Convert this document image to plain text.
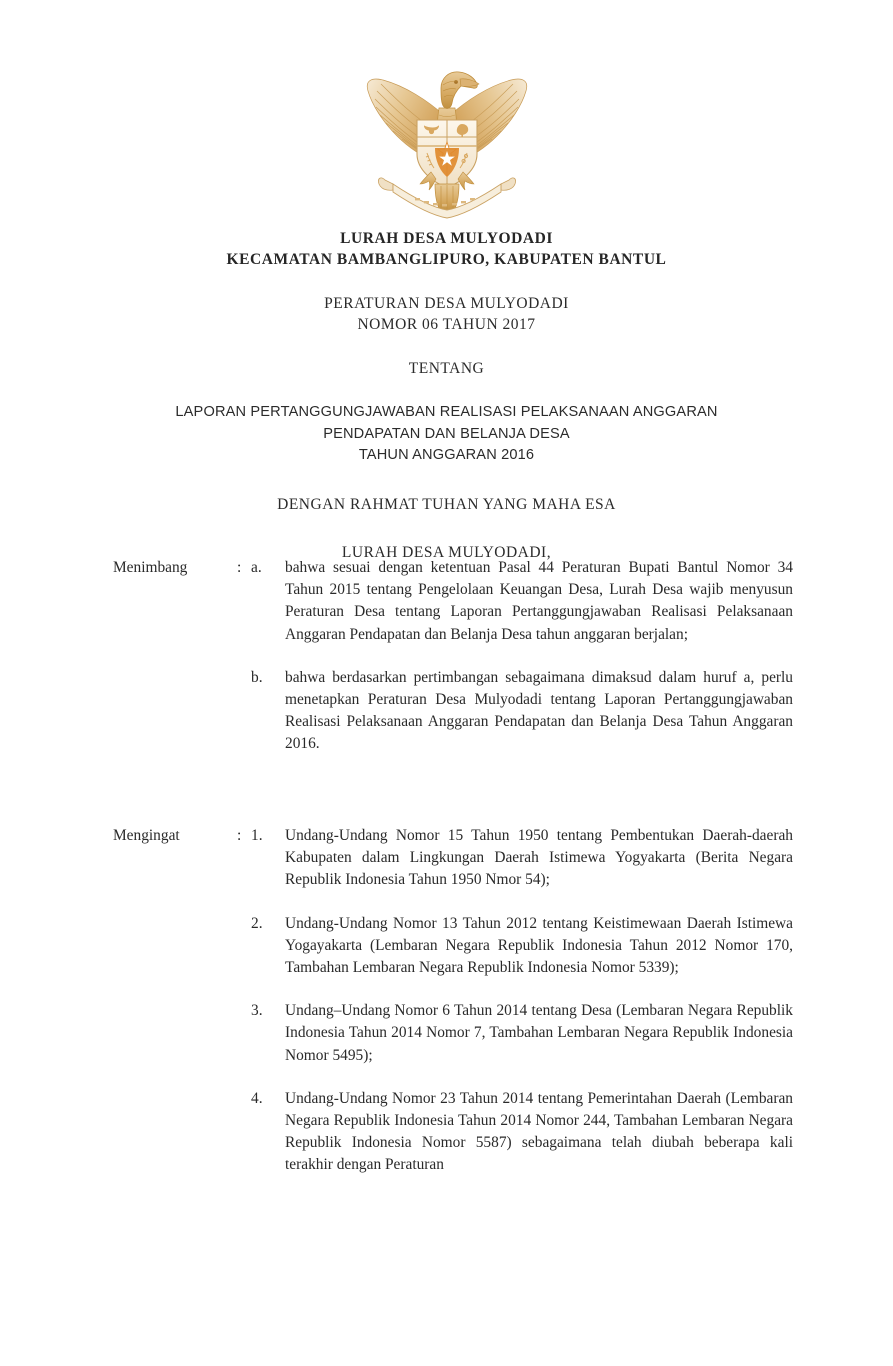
LURAH DESA MULYODADI
KECAMATAN BAMBANGLIPURO, KABUPATEN BANTUL
PERATURAN DESA MULYODADI
NOMOR 06 TAHUN 2017
TENTANG
LAPORAN PERTANGGUNGJAWABAN REALISASI PELAKSANAAN ANGGARAN
PENDAPATAN DAN BELANJA DESA
TAHUN ANGGARAN 2016
DENGAN RAHMAT TUHAN YANG MAHA ESA
LURAH DESA MULYODADI,
Menimbang	: a.	bahwa sesuai dengan ketentuan Pasal 44 Peraturan Bupati Bantul Nomor 34 Tahun 2015 tentang Pengelolaan Keuangan Desa, Lurah Desa wajib menyusun Peraturan Desa tentang Laporan Pertanggungjawaban Realisasi Pelaksanaan Anggaran Pendapatan dan Belanja Desa tahun anggaran berjalan;
b.	bahwa berdasarkan pertimbangan sebagaimana dimaksud dalam huruf a, perlu menetapkan Peraturan Desa Mulyodadi tentang Laporan Pertanggungjawaban Realisasi Pelaksanaan Anggaran Pendapatan dan Belanja Desa Tahun Anggaran 2016.
Mengingat	: 1.	Undang-Undang Nomor 15 Tahun 1950 tentang Pembentukan Daerah-daerah Kabupaten dalam Lingkungan Daerah Istimewa Yogyakarta (Berita Negara Republik Indonesia Tahun 1950 Nmor 54);
2.	Undang-Undang Nomor 13 Tahun 2012 tentang Keistimewaan Daerah Istimewa Yogayakarta (Lembaran Negara Republik Indonesia Tahun 2012 Nomor 170, Tambahan Lembaran Negara Republik Indonesia Nomor 5339);
3.	Undang–Undang Nomor 6 Tahun 2014 tentang Desa (Lembaran Negara Republik Indonesia Tahun 2014 Nomor 7, Tambahan Lembaran Negara Republik Indonesia Nomor 5495);
4.	Undang-Undang Nomor 23 Tahun 2014 tentang Pemerintahan Daerah (Lembaran Negara Republik Indonesia Tahun 2014 Nomor 244, Tambahan Lembaran Negara Republik Indonesia Nomor 5587) sebagaimana telah diubah beberapa kali terakhir dengan Peraturan
